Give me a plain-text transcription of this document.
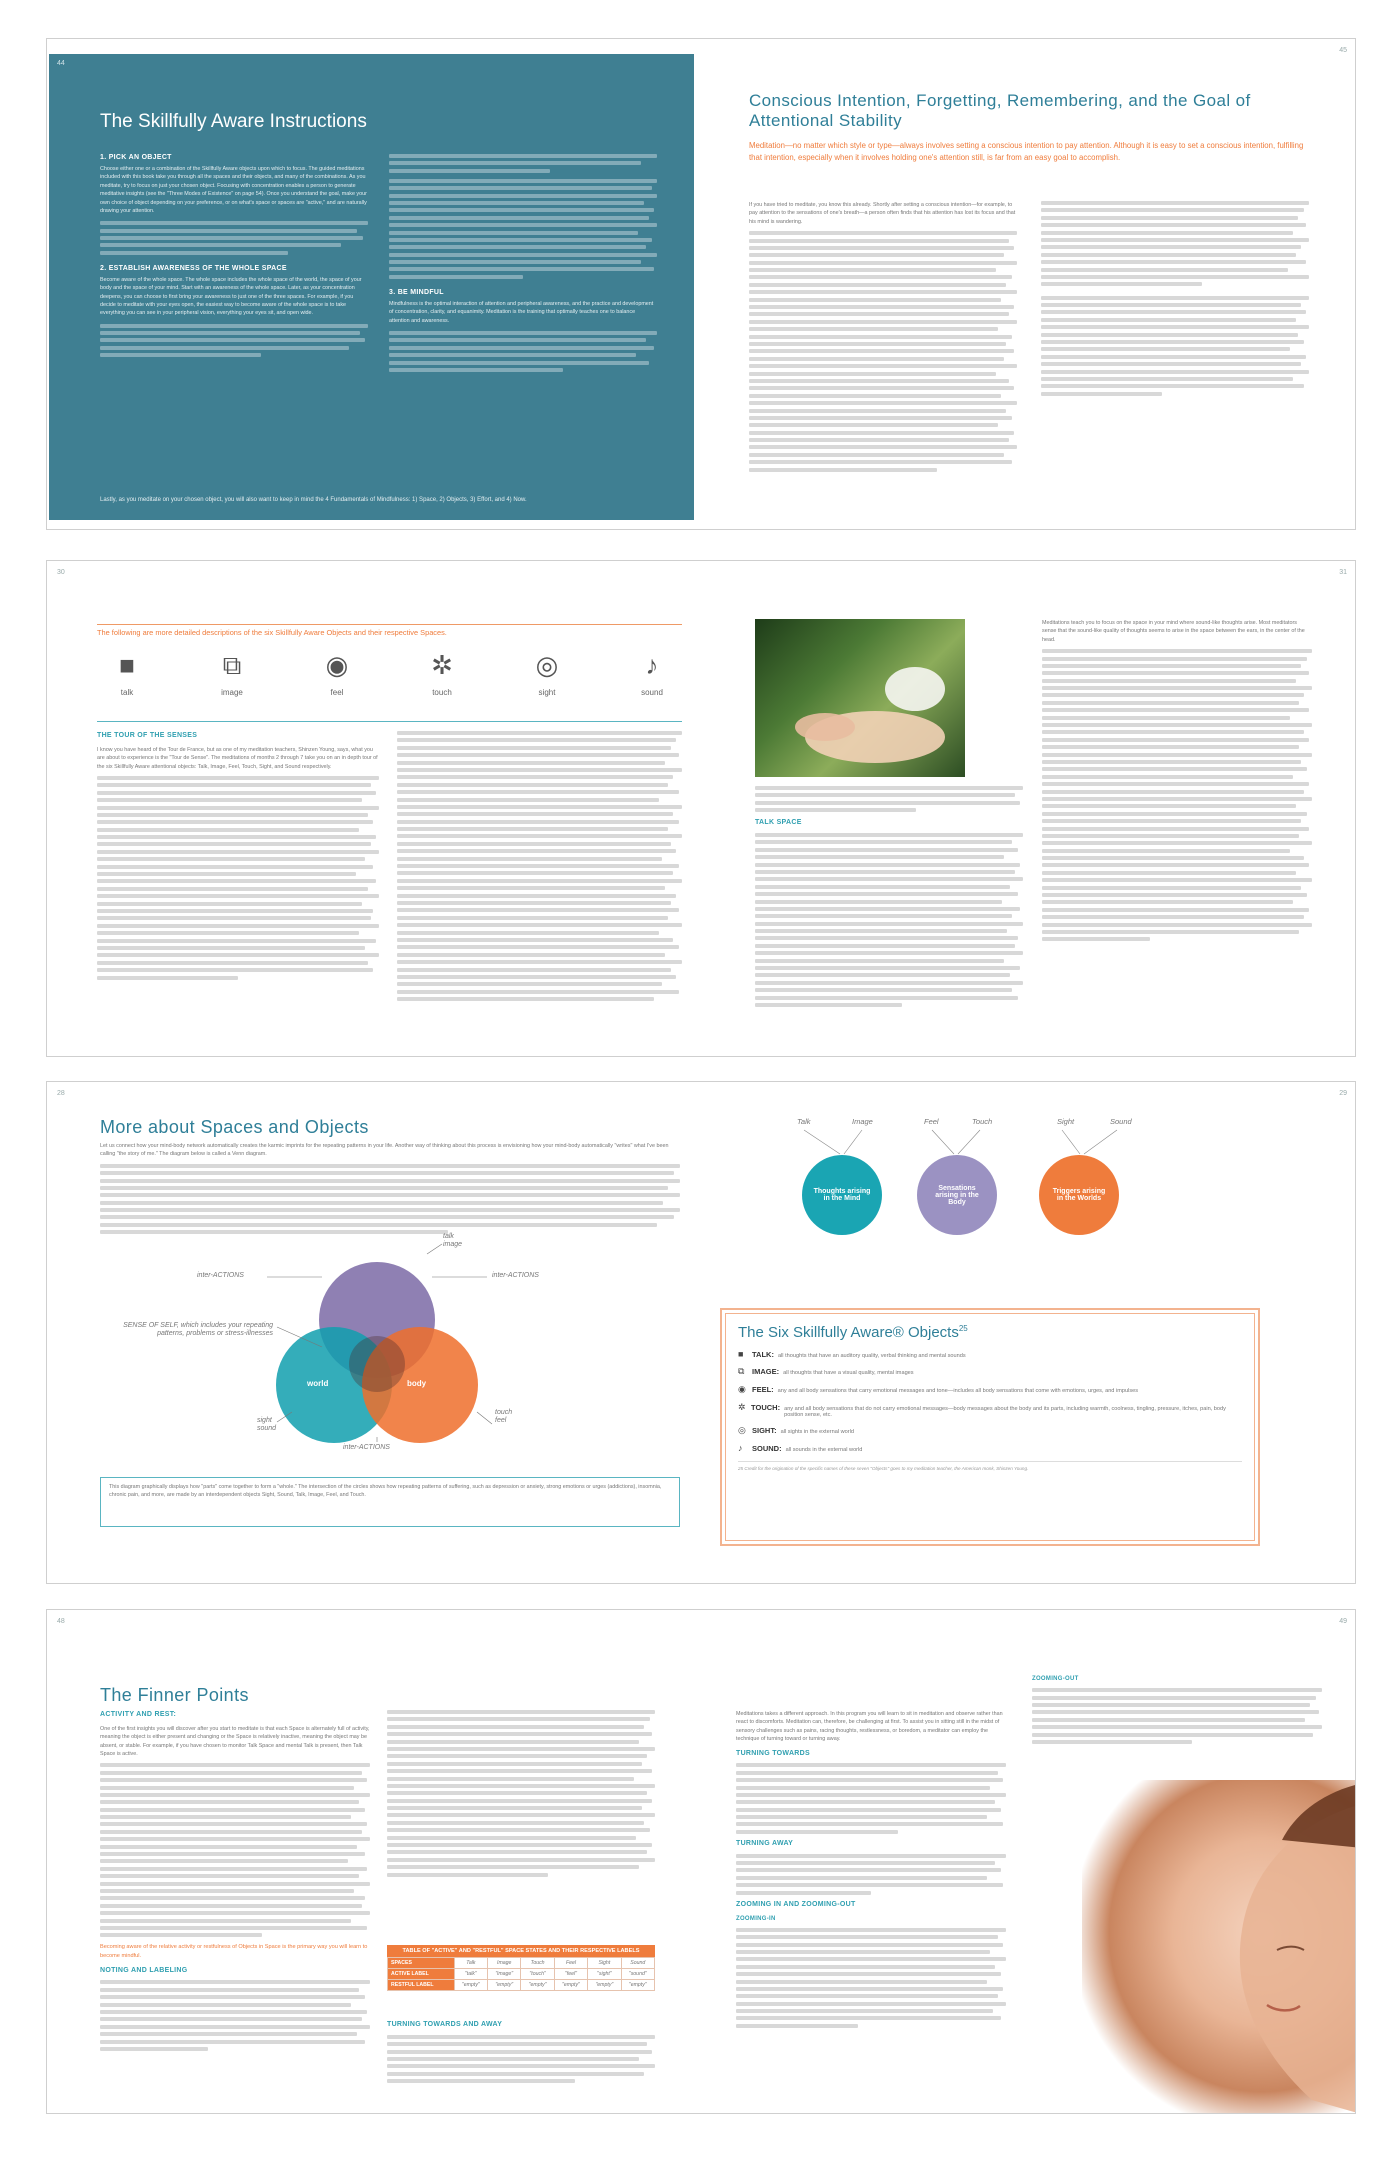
44
The Skillfully Aware Instructions
1. PICK AN OBJECT
Choose either one or a combination of the Skillfully Aware objects upon which to focus. The guided meditations included with this book take you through all the spaces and their objects, and many of the combinations. As you meditate, try to focus on just your chosen object. Focusing with concentration enables a person to generate meditative insights (see the "Three Modes of Existence" on page 54). Once you understand the goal, make your own choice of object depending on your preference, or on what's space or spaces are "active," and are naturally drawing your attention.
2. ESTABLISH AWARENESS OF THE WHOLE SPACE
Become aware of the whole space. The whole space includes the whole space of the world, the space of your body and the space of your mind. Start with an awareness of the whole space. Later, as your concentration deepens, you can choose to first bring your awareness to just one of the three spaces. For example, if you decide to meditate with your eyes open, the easiest way to become aware of the whole space is to take everything you can see in your peripheral vision, everything your eyes sit, and open wide.
3. BE MINDFUL
Mindfulness is the optimal interaction of attention and peripheral awareness, and the practice and development of concentration, clarity, and equanimity. Meditation is the training that optimally teaches one to balance attention and awareness.
Lastly, as you meditate on your chosen object, you will also want to keep in mind the 4 Fundamentals of Mindfulness: 1) Space, 2) Objects, 3) Effort, and 4) Now.
45
Conscious Intention, Forgetting, Remembering, and the Goal of Attentional Stability
Meditation—no matter which style or type—always involves setting a conscious intention to pay attention. Although it is easy to set a conscious intention, fulfilling that intention, especially when it involves holding one's attention still, is far from an easy goal to accomplish.

If you have tried to meditate, you know this already. Shortly after setting a conscious intention—for example, to pay attention to the sensations of one's breath—a person often finds that his attention has lost its focus and that his mind is wandering.

30
The following are more detailed descriptions of the six Skillfully Aware Objects and their respective Spaces.
■
talk
⧉
image
◉
feel
✲
touch
◎
sight
♪
sound
THE TOUR OF THE SENSES

I know you have heard of the Tour de France, but as one of my meditation teachers, Shinzen Young, says, what you are about to experience is the "Tour de Sense". The meditations of months 2 through 7 take you on an in depth tour of the six Skillfully Aware attentional objects: Talk, Image, Feel, Touch, Sight, and Sound respectively.

31
TALK SPACE

Meditations teach you to focus on the space in your mind where sound-like thoughts arise. Most meditators sense that the sound-like quality of thoughts seems to arise in the space between the ears, in the center of the head.

28
More about Spaces and Objects

Let us connect how your mind-body network automatically creates the karmic imprints for the repeating patterns in your life. Another way of thinking about this process is envisioning how your mind-body automatically "writes" what I've been calling "the story of me." The diagram below is called a Venn diagram.

mind
world	body
talk
image
inter-ACTIONS	inter-ACTIONS
inter-ACTIONS
SENSE OF SELF, which includes your repeating patterns, problems or stress-illnesses
sight
sound
touch
feel
This diagram graphically displays how "parts" come together to form a "whole." The intersection of the circles shows how repeating patterns of suffering, such as depression or anxiety, strong emotions or urges (addictions), insomnia, chronic pain, and more, are made by an interdependent objects Sight, Sound, Talk, Image, Feel, and Touch.
29
Talk	Image	Feel	Touch	Sight	Sound
Thoughts arising in the Mind
Sensations arising in the Body
Triggers arising in the Worlds
The Six Skillfully Aware® Objects$^{25}$
■	TALK: all thoughts that have an auditory quality, verbal thinking and mental sounds
⧉	IMAGE: all thoughts that have a visual quality, mental images
◉ FEEL: any and all body sensations that carry emotional messages and tone—includes all body sensations that come with emotions, urges, and impulses
✲ TOUCH: any and all body sensations that do not carry emotional messages—body messages about the body and its parts, including warmth, coolness, tingling, pressure, itches, pain, body position sense, etc.
◎ SIGHT: all sights in the external world
♪	SOUND: all sounds in the external world
25 Credit for the origination of the specific names of these seven "Objects" goes to my meditation teacher, the American monk, Shinzen Young.
48
The Finner Points
ACTIVITY AND REST:

One of the first insights you will discover after you start to meditate is that each Space is alternately full of activity, meaning the object is either present and changing or the Space is relatively inactive, meaning the object may be absent, or stable. For example, if you have chosen to monitor Talk Space and mental Talk is present, then Talk Space is active.

Becoming aware of the relative activity or restfulness of Objects in Space is the primary way you will learn to become mindful.

NOTING AND LABELING
TABLE OF "ACTIVE" AND "RESTFUL" SPACE STATES AND THEIR RESPECTIVE LABELS
SPACES	Talk	Image	Touch	Feel	Sight	Sound
ACTIVE LABEL	"talk"	"image"	"touch"	"feel"	"sight"	"sound"
RESTFUL LABEL	"empty"	"empty"	"empty"	"empty"	"empty"	"empty"
TURNING TOWARDS AND AWAY
49

Meditations takes a different approach. In this program you will learn to sit in meditation and observe rather than react to discomforts. Meditation can, therefore, be challenging at first. To assist you in sitting still in the midst of sensory challenges such as pains, racing thoughts, restlessness, or boredom, a meditator can employ the technique of turning toward or turning away.

TURNING TOWARDS
TURNING AWAY
ZOOMING IN AND ZOOMING-OUT
ZOOMING-IN
ZOOMING-OUT
